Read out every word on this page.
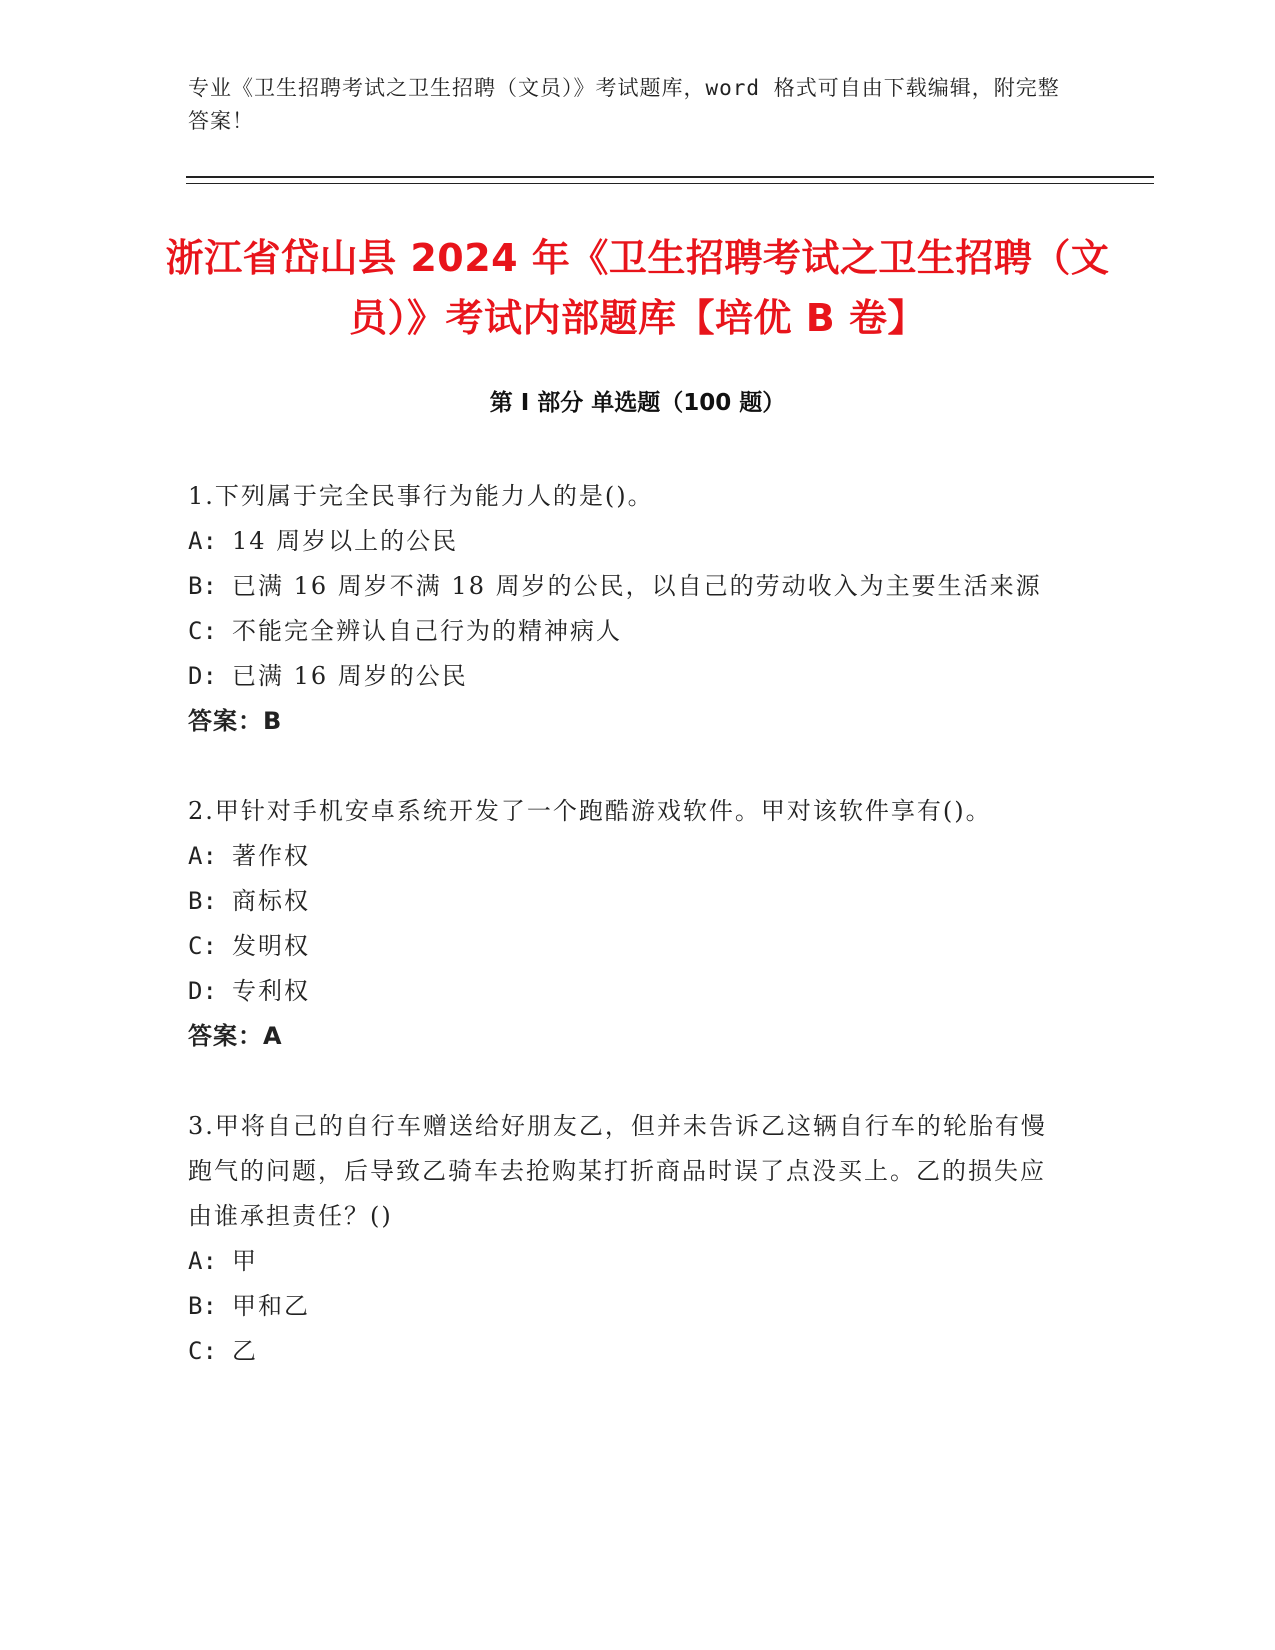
专业《卫生招聘考试之卫生招聘（文员）》考试题库，word 格式可自由下载编辑，附完整答案！
浙江省岱山县 2024 年《卫生招聘考试之卫生招聘（文员）》考试内部题库【培优 B 卷】
第 I 部分 单选题（100 题）

1.下列属于完全民事行为能力人的是()。

A: 14 周岁以上的公民

B: 已满 16 周岁不满 18 周岁的公民，以自己的劳动收入为主要生活来源

C: 不能完全辨认自己行为的精神病人

D: 已满 16 周岁的公民

答案：B

2.甲针对手机安卓系统开发了一个跑酷游戏软件。甲对该软件享有()。

A: 著作权

B: 商标权

C: 发明权

D: 专利权

答案：A

3.甲将自己的自行车赠送给好朋友乙，但并未告诉乙这辆自行车的轮胎有慢跑气的问题，后导致乙骑车去抢购某打折商品时误了点没买上。乙的损失应由谁承担责任？()

A: 甲

B: 甲和乙

C: 乙
